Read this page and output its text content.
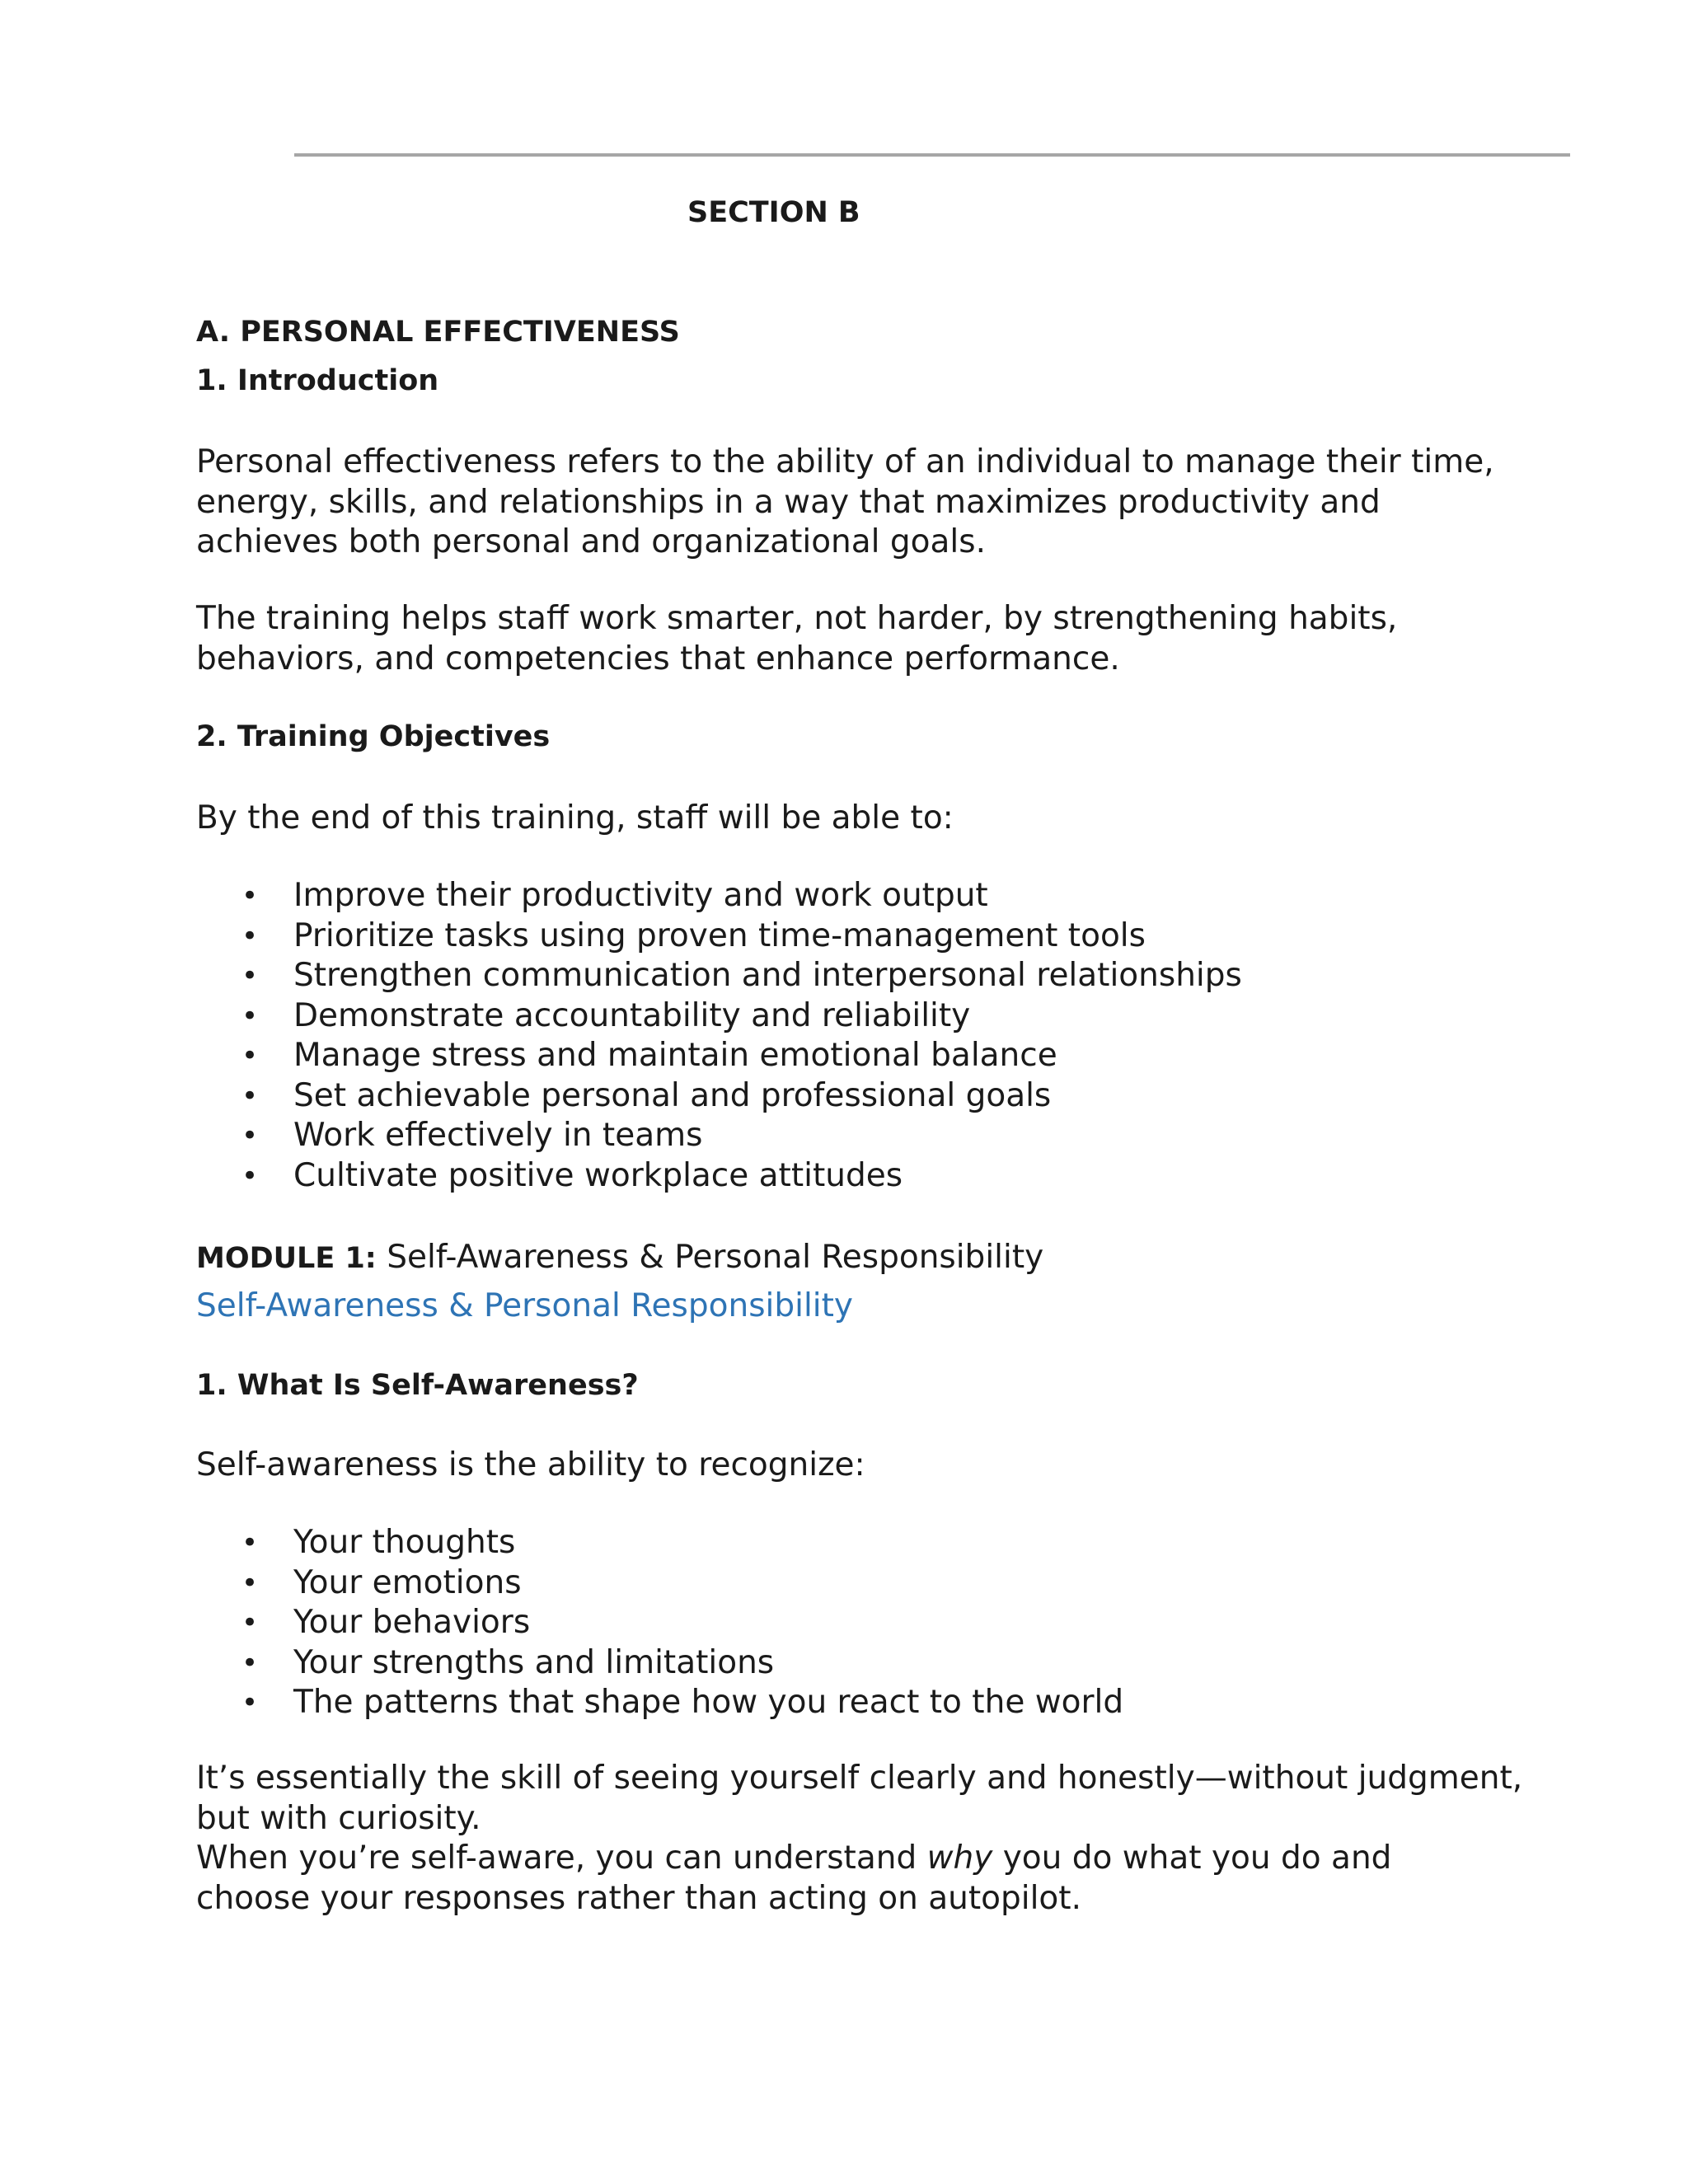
SECTION B
A. PERSONAL EFFECTIVENESS
1. Introduction
Personal effectiveness refers to the ability of an individual to manage their time,
energy, skills, and relationships in a way that maximizes productivity and
achieves both personal and organizational goals.
The training helps staff work smarter, not harder, by strengthening habits,
behaviors, and competencies that enhance performance.
2. Training Objectives
By the end of this training, staff will be able to:
• Improve their productivity and work output
• Prioritize tasks using proven time-management tools
• Strengthen communication and interpersonal relationships
• Demonstrate accountability and reliability
• Manage stress and maintain emotional balance
• Set achievable personal and professional goals
• Work effectively in teams
• Cultivate positive workplace attitudes
MODULE 1: Self-Awareness & Personal Responsibility
Self-Awareness & Personal Responsibility
1. What Is Self-Awareness?
Self-awareness is the ability to recognize:
• Your thoughts
• Your emotions
• Your behaviors
• Your strengths and limitations
• The patterns that shape how you react to the world
It’s essentially the skill of seeing yourself clearly and honestly—without judgment,
but with curiosity.
When you’re self-aware, you can understand why you do what you do and
choose your responses rather than acting on autopilot.
